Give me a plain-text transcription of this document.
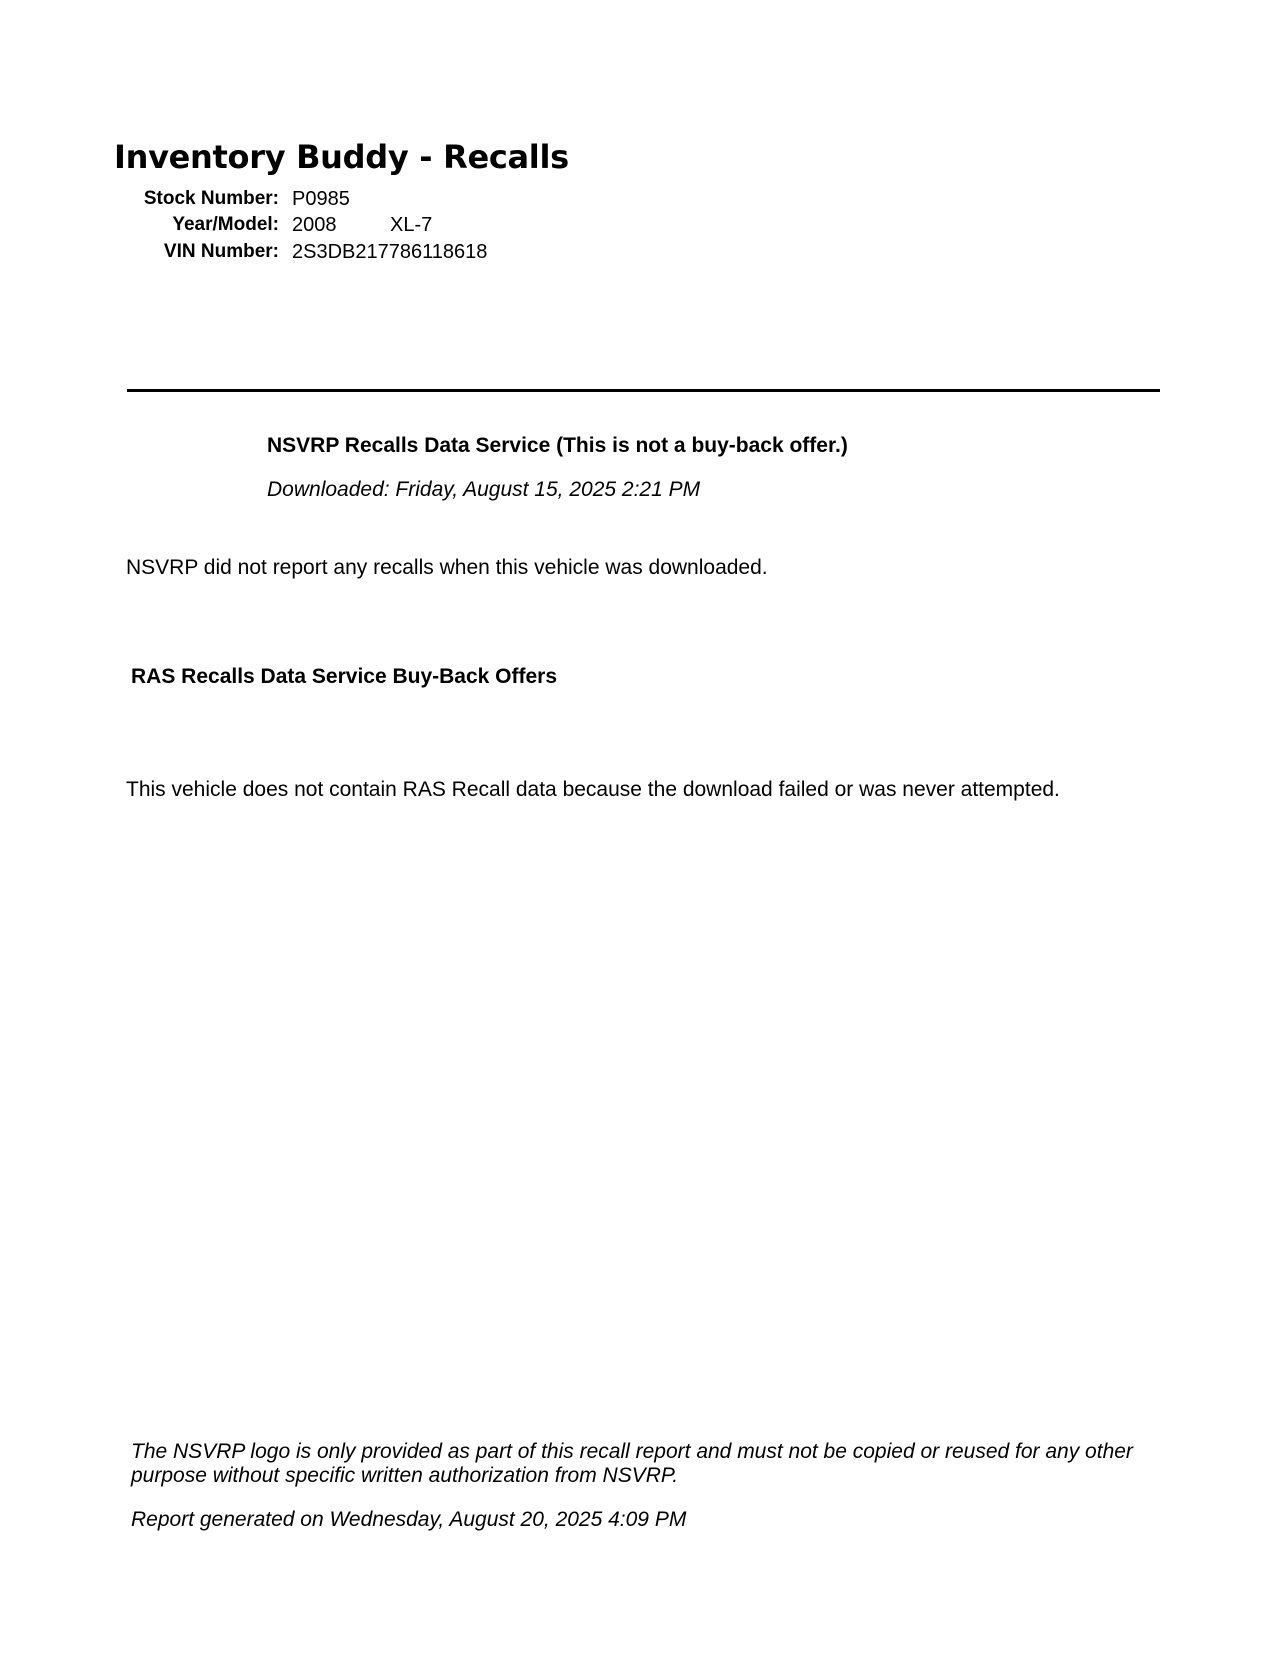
Inventory Buddy - Recalls
Stock Number: P0985
Year/Model: 2008	XL-7
VIN Number: 2S3DB217786118618
NSVRP Recalls Data Service (This is not a buy-back offer.)
Downloaded: Friday, August 15, 2025 2:21 PM
NSVRP did not report any recalls when this vehicle was downloaded.
RAS Recalls Data Service Buy-Back Offers
This vehicle does not contain RAS Recall data because the download failed or was never attempted.
The NSVRP logo is only provided as part of this recall report and must not be copied or reused for any other purpose without specific written authorization from NSVRP.
Report generated on Wednesday, August 20, 2025 4:09 PM
